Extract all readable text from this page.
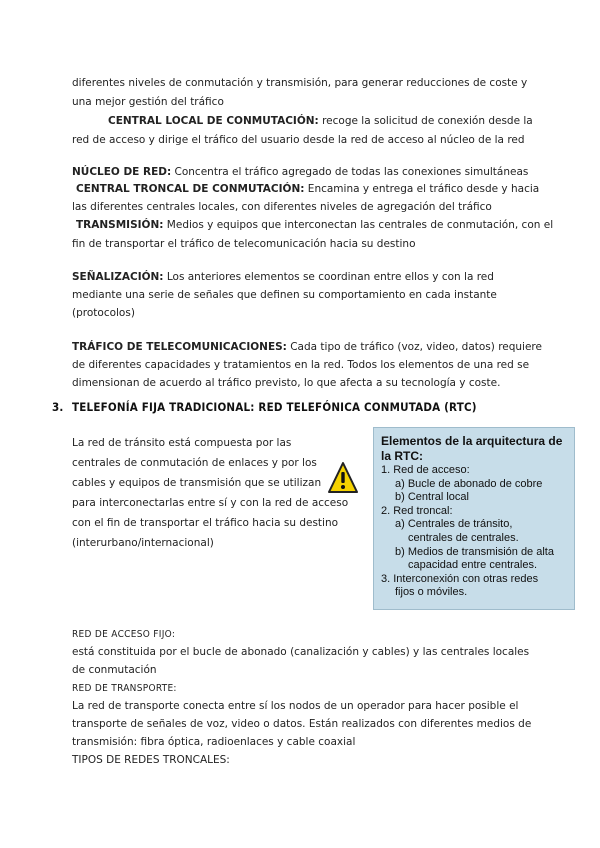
diferentes niveles de conmutación y transmisión, para generar reducciones de coste y
una mejor gestión del tráfico
CENTRAL LOCAL DE CONMUTACIÓN: recoge la solicitud de conexión desde la
red de acceso y dirige el tráfico del usuario desde la red de acceso al núcleo de la red
NÚCLEO DE RED: Concentra el tráfico agregado de todas las conexiones simultáneas
CENTRAL TRONCAL DE CONMUTACIÓN: Encamina y entrega el tráfico desde y hacia
las diferentes centrales locales, con diferentes niveles de agregación del tráfico
TRANSMISIÓN: Medios y equipos que interconectan las centrales de conmutación, con el
fin de transportar el tráfico de telecomunicación hacia su destino
SEÑALIZACIÓN: Los anteriores elementos se coordinan entre ellos y con la red
mediante una serie de señales que definen su comportamiento en cada instante
(protocolos)
TRÁFICO DE TELECOMUNICACIONES: Cada tipo de tráfico (voz, video, datos) requiere
de diferentes capacidades y tratamientos en la red. Todos los elementos de una red se
dimensionan de acuerdo al tráfico previsto, lo que afecta a su tecnología y coste.
3. TELEFONÍA FIJA TRADICIONAL: RED TELEFÓNICA CONMUTADA (RTC)
La red de tránsito está compuesta por las
centrales de conmutación de enlaces y por los
cables y equipos de transmisión que se utilizan
para interconectarlas entre sí y con la red de acceso
con el fin de transportar el tráfico hacia su destino
(interurbano/internacional)
Elementos de la arquitectura de
la RTC:
1. Red de acceso:
a) Bucle de abonado de cobre
b) Central local
2. Red troncal:
a) Centrales de tránsito,
centrales de centrales.
b) Medios de transmisión de alta
capacidad entre centrales.
3. Interconexión con otras redes
fijos o móviles.
RED DE ACCESO FIJO:
está constituida por el bucle de abonado (canalización y cables) y las centrales locales
de conmutación
RED DE TRANSPORTE:
La red de transporte conecta entre sí los nodos de un operador para hacer posible el
transporte de señales de voz, video o datos. Están realizados con diferentes medios de
transmisión: fibra óptica, radioenlaces y cable coaxial
TIPOS DE REDES TRONCALES:
